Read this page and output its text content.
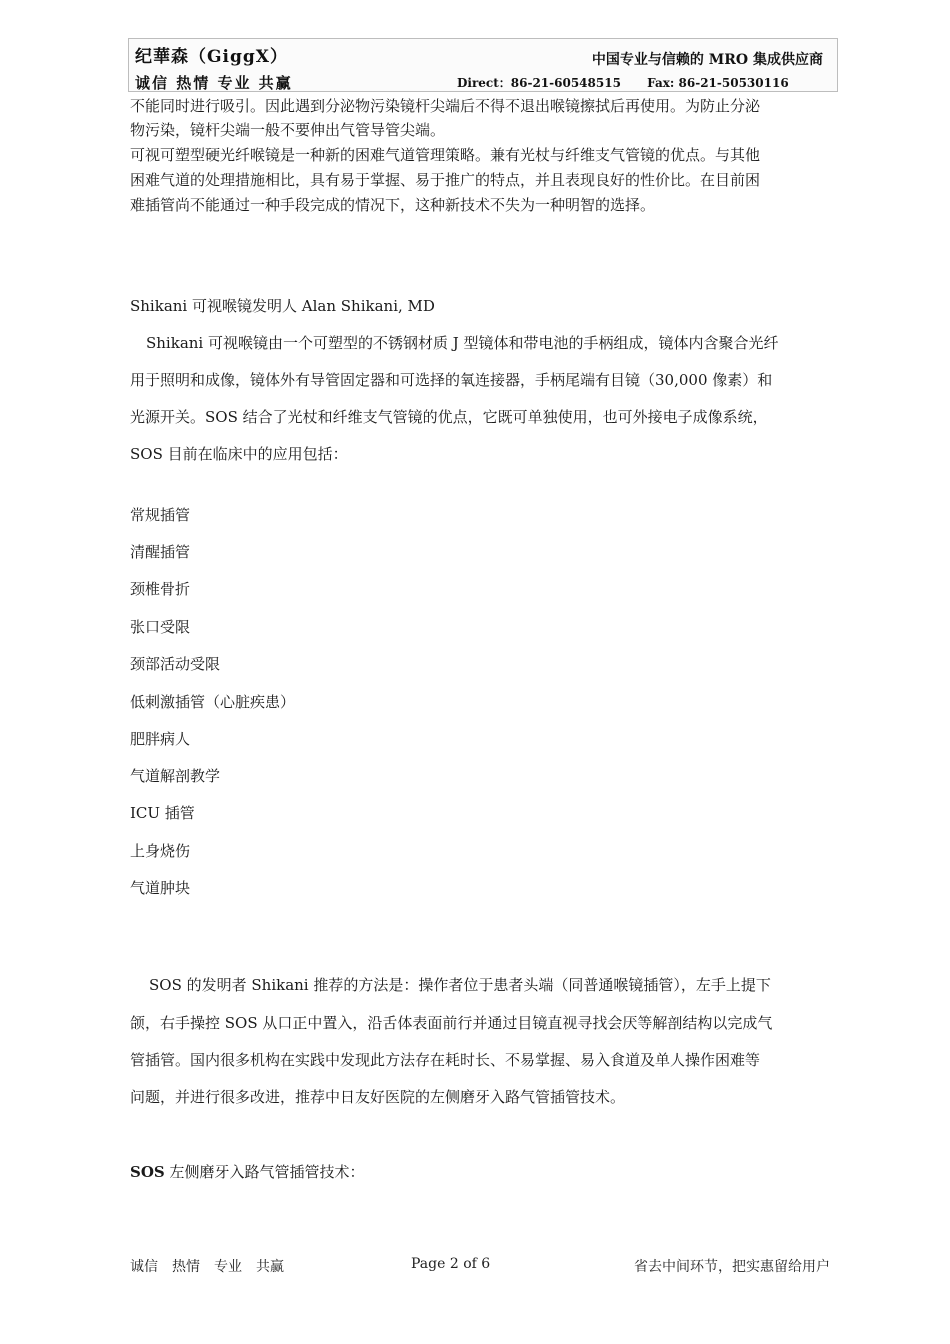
纪華森（GiggX）
诚信 热情 专业 共赢
中国专业与信赖的 MRO 集成供应商
Direct：86-21-60548515 Fax: 86-21-50530116
不能同时进行吸引。因此遇到分泌物污染镜杆尖端后不得不退出喉镜擦拭后再使用。为防止分泌
物污染，镜杆尖端一般不要伸出气管导管尖端。
可视可塑型硬光纤喉镜是一种新的困难气道管理策略。兼有光杖与纤维支气管镜的优点。与其他
困难气道的处理措施相比，具有易于掌握、易于推广的特点，并且表现良好的性价比。在目前困
难插管尚不能通过一种手段完成的情况下，这种新技术不失为一种明智的选择。
Shikani 可视喉镜发明人 Alan Shikani, MD
Shikani 可视喉镜由一个可塑型的不锈钢材质 J 型镜体和带电池的手柄组成，镜体内含聚合光纤
用于照明和成像，镜体外有导管固定器和可选择的氧连接器，手柄尾端有目镜（30,000 像素）和
光源开关。SOS 结合了光杖和纤维支气管镜的优点，它既可单独使用，也可外接电子成像系统，
SOS 目前在临床中的应用包括：
常规插管
清醒插管
颈椎骨折
张口受限
颈部活动受限
低刺激插管（心脏疾患）
肥胖病人
气道解剖教学
ICU 插管
上身烧伤
气道肿块
SOS 的发明者 Shikani 推荐的方法是：操作者位于患者头端（同普通喉镜插管），左手上提下
颌，右手操控 SOS 从口正中置入，沿舌体表面前行并通过目镜直视寻找会厌等解剖结构以完成气
管插管。国内很多机构在实践中发现此方法存在耗时长、不易掌握、易入食道及单人操作困难等
问题，并进行很多改进，推荐中日友好医院的左侧磨牙入路气管插管技术。
SOS 左侧磨牙入路气管插管技术：
诚信　热情　专业　共赢	Page 2 of 6	省去中间环节，把实惠留给用户
